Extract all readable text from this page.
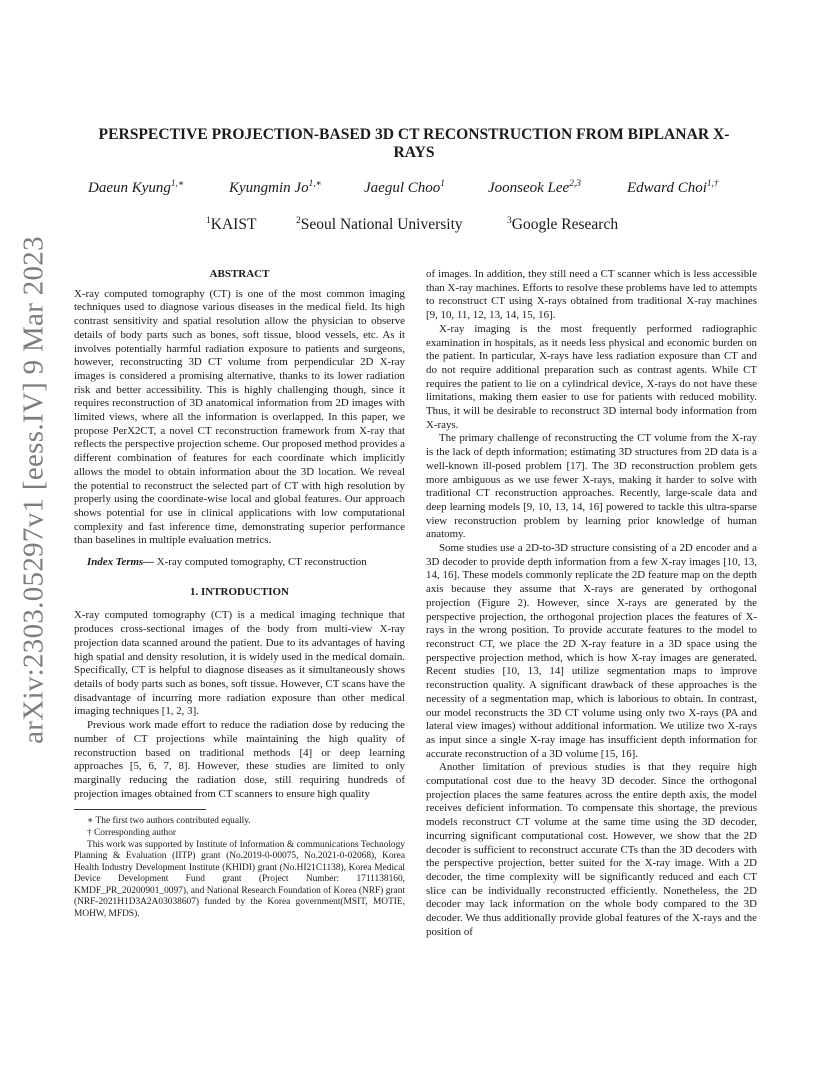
arXiv:2303.05297v1 [eess.IV] 9 Mar 2023
PERSPECTIVE PROJECTION-BASED 3D CT RECONSTRUCTION FROM BIPLANAR X-RAYS
Daeun Kyung$^{1,∗}$	Kyungmin $Jo^{1,∗}$	Jaegul Choo$^1$	Joonseok Lee$^{2,3}$	Edward Choi$^{1,\dagger}$
$^1$KAIST	$^2$Seoul National University	$^3$Google Research
ABSTRACT

X-ray computed tomography (CT) is one of the most common imaging techniques used to diagnose various diseases in the medical field. Its high contrast sensitivity and spatial resolution allow the physician to observe details of body parts such as bones, soft tissue, blood vessels, etc. As it involves potentially harmful radiation exposure to patients and surgeons, however, reconstructing 3D CT volume from perpendicular 2D X-ray images is considered a promising alternative, thanks to its lower radiation risk and better accessibility. This is highly challenging though, since it requires reconstruction of 3D anatomical information from 2D images with limited views, where all the information is overlapped. In this paper, we propose PerX2CT, a novel CT reconstruction framework from X-ray that reflects the perspective projection scheme. Our proposed method provides a different combination of features for each coordinate which implicitly allows the model to obtain information about the 3D location. We reveal the potential to reconstruct the selected part of CT with high resolution by properly using the coordinate-wise local and global features. Our approach shows potential for use in clinical applications with low computational complexity and fast inference time, demonstrating superior performance than baselines in multiple evaluation metrics.

Index Terms— X-ray computed tomography, CT reconstruction

1. INTRODUCTION

X-ray computed tomography (CT) is a medical imaging technique that produces cross-sectional images of the body from multi-view X-ray projection data scanned around the patient. Due to its advantages of having high spatial and density resolution, it is widely used in the medical domain. Specifically, CT is helpful to diagnose diseases as it simultaneously shows details of body parts such as bones, soft tissue. However, CT scans have the disadvantage of incurring more radiation exposure than other medical imaging techniques [1, 2, 3].

Previous work made effort to reduce the radiation dose by reducing the number of CT projections while maintaining the high quality of reconstruction based on traditional methods [4] or deep learning approaches [5, 6, 7, 8]. However, these studies are limited to only marginally reducing the radiation dose, still requiring hundreds of projection images obtained from CT scanners to ensure high quality

∗ The first two authors contributed equally.

† Corresponding author

This work was supported by Institute of Information & communications Technology Planning & Evaluation (IITP) grant (No.2019-0-00075, No.2021-0-02068), Korea Health Industry Development Institute (KHIDI) grant (No.HI21C1138), Korea Medical Device Development Fund grant (Project Number: 1711138160, KMDF_PR_20200901_0097), and National Research Foundation of Korea (NRF) grant (NRF-2021H1D3A2A03038607) funded by the Korea government(MSIT, MOTIE, MOHW, MFDS).

of images. In addition, they still need a CT scanner which is less accessible than X-ray machines. Efforts to resolve these problems have led to attempts to reconstruct CT using X-rays obtained from traditional X-ray machines [9, 10, 11, 12, 13, 14, 15, 16].

X-ray imaging is the most frequently performed radiographic examination in hospitals, as it needs less physical and economic burden on the patient. In particular, X-rays have less radiation exposure than CT and do not require additional preparation such as contrast agents. While CT requires the patient to lie on a cylindrical device, X-rays do not have these limitations, making them easier to use for patients with reduced mobility. Thus, it will be desirable to reconstruct 3D internal body information from X-rays.

The primary challenge of reconstructing the CT volume from the X-ray is the lack of depth information; estimating 3D structures from 2D data is a well-known ill-posed problem [17]. The 3D reconstruction problem gets more ambiguous as we use fewer X-rays, making it harder to solve with traditional CT reconstruction approaches. Recently, large-scale data and deep learning models [9, 10, 13, 14, 16] powered to tackle this ultra-sparse view reconstruction problem by learning prior knowledge of human anatomy.

Some studies use a 2D-to-3D structure consisting of a 2D encoder and a 3D decoder to provide depth information from a few X-ray images [10, 13, 14, 16]. These models commonly replicate the 2D feature map on the depth axis because they assume that X-rays are generated by orthogonal projection (Figure 2). However, since X-rays are generated by the perspective projection, the orthogonal projection places the features of X-rays in the wrong position. To provide accurate features to the model to reconstruct CT, we place the 2D X-ray feature in a 3D space using the perspective projection method, which is how X-ray images are generated. Recent studies [10, 13, 14] utilize segmentation maps to improve reconstruction quality. A significant drawback of these approaches is the necessity of a segmentation map, which is laborious to obtain. In contrast, our model reconstructs the 3D CT volume using only two X-rays (PA and lateral view images) without additional information. We utilize two X-rays as input since a single X-ray image has insufficient depth information for accurate reconstruction of a 3D volume [15, 16].

Another limitation of previous studies is that they require high computational cost due to the heavy 3D decoder. Since the orthogonal projection places the same features across the entire depth axis, the model receives deficient information. To compensate this shortage, the previous models reconstruct CT volume at the same time using the 3D decoder, incurring significant computational cost. However, we show that the 2D decoder is sufficient to reconstruct accurate CTs than the 3D decoders with the perspective projection, better suited for the X-ray image. With a 2D decoder, the time complexity will be significantly reduced and each CT slice can be individually reconstructed efficiently. Nonetheless, the 2D decoder may lack information on the whole body compared to the 3D decoder. We thus additionally provide global features of the X-rays and the position of
